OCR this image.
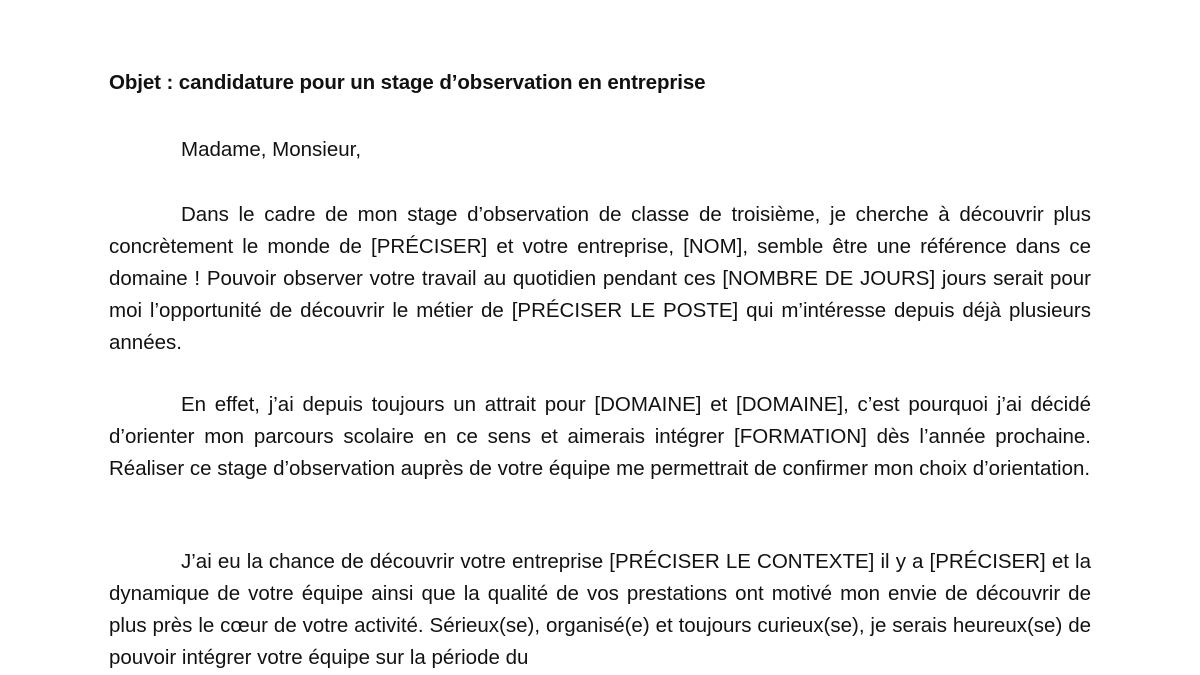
Objet : candidature pour un stage d’observation en entreprise
Madame, Monsieur,

Dans le cadre de mon stage d’observation de classe de troisième, je cherche à découvrir plus concrètement le monde de [PRÉCISER] et votre entreprise, [NOM], semble être une référence dans ce domaine ! Pouvoir observer votre travail au quotidien pendant ces [NOMBRE DE JOURS] jours serait pour moi l’opportunité de découvrir le métier de [PRÉCISER LE POSTE] qui m’intéresse depuis déjà plusieurs années.

En effet, j’ai depuis toujours un attrait pour [DOMAINE] et [DOMAINE], c’est pourquoi j’ai décidé d’orienter mon parcours scolaire en ce sens et aimerais intégrer [FORMATION] dès l’année prochaine. Réaliser ce stage d’observation auprès de votre équipe me permettrait de confirmer mon choix d’orientation.

J’ai eu la chance de découvrir votre entreprise [PRÉCISER LE CONTEXTE] il y a [PRÉCISER] et la dynamique de votre équipe ainsi que la qualité de vos prestations ont motivé mon envie de découvrir de plus près le cœur de votre activité. Sérieux(se), organisé(e) et toujours curieux(se), je serais heureux(se) de pouvoir intégrer votre équipe sur la période du
